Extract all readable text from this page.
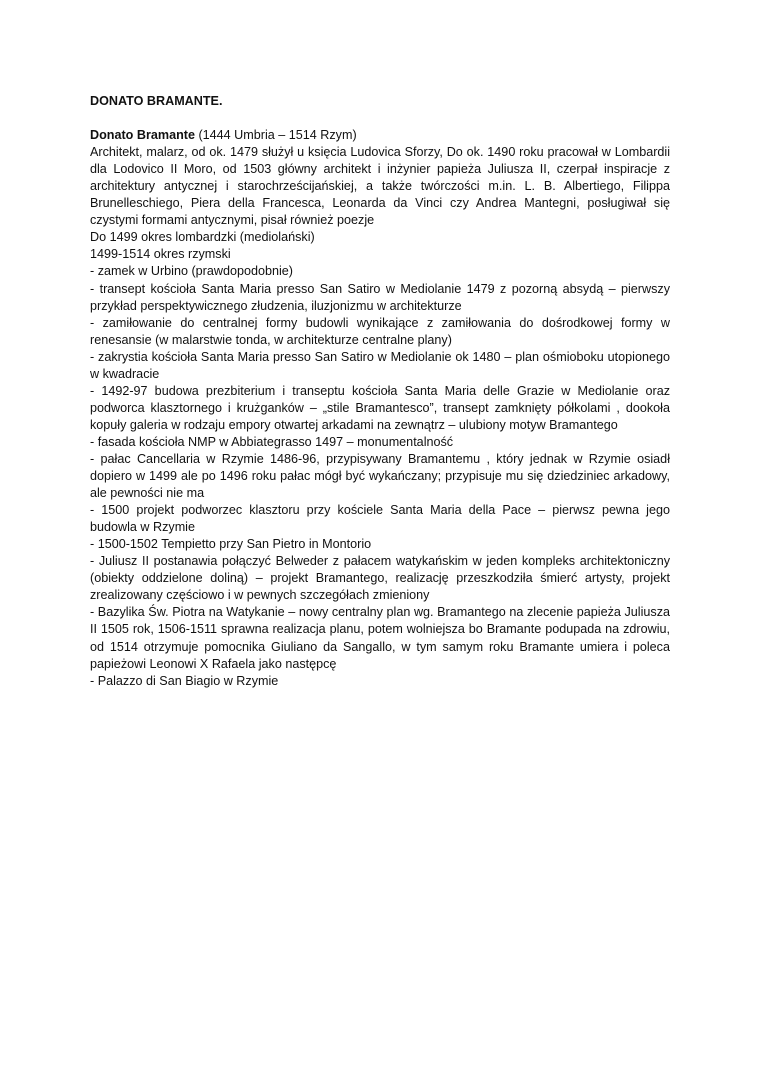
DONATO BRAMANTE.

Donato Bramante (1444 Umbria – 1514 Rzym)

Architekt, malarz, od ok. 1479 służył u księcia Ludovica Sforzy, Do ok. 1490 roku pracował w Lombardii dla Lodovico II Moro, od 1503 główny architekt i inżynier papieża Juliusza II, czerpał inspiracje z architektury antycznej i starochrześcijańskiej, a także twórczości m.in. L. B. Albertiego, Filippa Brunelleschiego, Piera della Francesca, Leonarda da Vinci czy Andrea Mantegni, posługiwał się czystymi formami antycznymi, pisał również poezje

Do 1499 okres lombardzki (mediolański)

1499-1514 okres rzymski

- zamek w Urbino (prawdopodobnie)

- transept kościoła Santa Maria presso San Satiro w Mediolanie 1479 z pozorną absydą – pierwszy przykład perspektywicznego złudzenia, iluzjonizmu w architekturze

- zamiłowanie do centralnej formy budowli wynikające z zamiłowania do dośrodkowej formy w renesansie (w malarstwie tonda, w architekturze centralne plany)

- zakrystia kościoła Santa Maria presso San Satiro w Mediolanie ok 1480 – plan ośmioboku utopionego w kwadracie

- 1492-97 budowa prezbiterium i transeptu kościoła Santa Maria delle Grazie w Mediolanie oraz podworca klasztornego i krużganków – „stile Bramantesco”, transept zamknięty półkolami , dookoła kopuły galeria w rodzaju empory otwartej arkadami na zewnątrz – ulubiony motyw Bramantego

- fasada kościoła NMP w Abbiategrasso 1497 – monumentalność

- pałac Cancellaria w Rzymie 1486-96, przypisywany Bramantemu , który jednak w Rzymie osiadł dopiero w 1499 ale po 1496 roku pałac mógł być wykańczany; przypisuje mu się dziedziniec arkadowy, ale pewności nie ma

- 1500 projekt podworzec klasztoru przy kościele Santa Maria della Pace – pierwsz pewna jego budowla w Rzymie

- 1500-1502 Tempietto przy San Pietro in Montorio

- Juliusz II postanawia połączyć Belweder z pałacem watykańskim w jeden kompleks architektoniczny (obiekty oddzielone doliną) – projekt Bramantego, realizację przeszkodziła śmierć artysty, projekt zrealizowany częściowo i w pewnych szczegółach zmieniony

- Bazylika Św. Piotra na Watykanie – nowy centralny plan wg. Bramantego na zlecenie papieża Juliusza II 1505 rok, 1506-1511 sprawna realizacja planu, potem wolniejsza bo Bramante podupada na zdrowiu, od 1514 otrzymuje pomocnika Giuliano da Sangallo, w tym samym roku Bramante umiera i poleca papieżowi Leonowi X Rafaela jako następcę

- Palazzo di San Biagio w Rzymie
